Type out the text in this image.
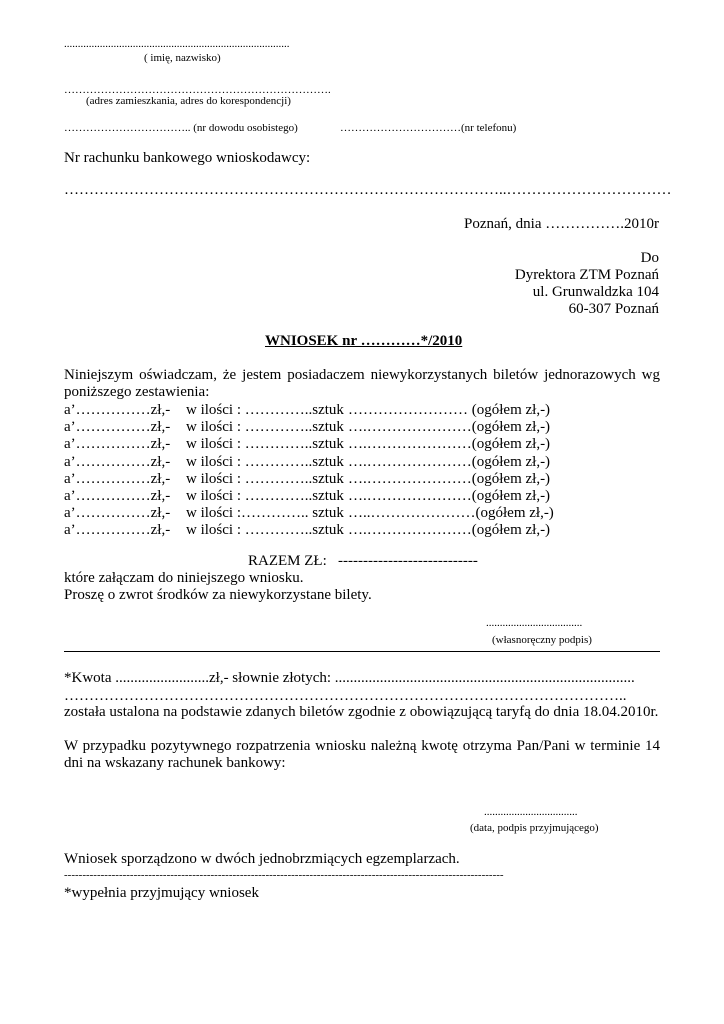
..................................................................................
( imię, nazwisko)
……………………………………………………………….
(adres zamieszkania, adres do korespondencji)
…………………………….. (nr dowodu osobistego)	……………………………(nr telefonu)
Nr rachunku bankowego wnioskodawcy:
……………………………………………………………………………..……………………………
Poznań, dnia …………….2010r
Do
Dyrektora ZTM Poznań
ul. Grunwaldzka 104
60-307 Poznań
WNIOSEK nr …………*/2010
Niniejszym oświadczam, że jestem posiadaczem niewykorzystanych biletów jednorazowych wg poniższego zestawienia:
a’……………zł,- w ilości : …………..sztuk …………………… (ogółem zł,-)
a’……………zł,- w ilości : …………..sztuk ….…………………(ogółem zł,-)
a’……………zł,- w ilości : …………..sztuk ….…………………(ogółem zł,-)
a’……………zł,- w ilości : …………..sztuk ….…………………(ogółem zł,-)
a’……………zł,- w ilości : …………..sztuk ….…………………(ogółem zł,-)
a’……………zł,- w ilości : …………..sztuk ….…………………(ogółem zł,-)
a’……………zł,- w ilości :………….. sztuk …..…………………(ogółem zł,-)
a’……………zł,- w ilości : …………..sztuk ….…………………(ogółem zł,-)
RAZEM ZŁ:   ----------------------------
które załączam do niniejszego wniosku.
Proszę o zwrot środków za niewykorzystane bilety.
...................................
(własnoręczny podpis)
*Kwota .........................zł,- słownie złotych: ................................................................................
…………………………………………………………………………………………………..
została ustalona na podstawie zdanych biletów zgodnie z obowiązującą taryfą do dnia 18.04.2010r.
W przypadku pozytywnego rozpatrzenia wniosku należną kwotę otrzyma Pan/Pani w terminie 14 dni na wskazany rachunek bankowy:
..................................
(data, podpis przyjmującego)
Wniosek sporządzono w dwóch jednobrzmiących egzemplarzach.
------------------------------------------------------------------------------------------------------------------------
*wypełnia przyjmujący wniosek
